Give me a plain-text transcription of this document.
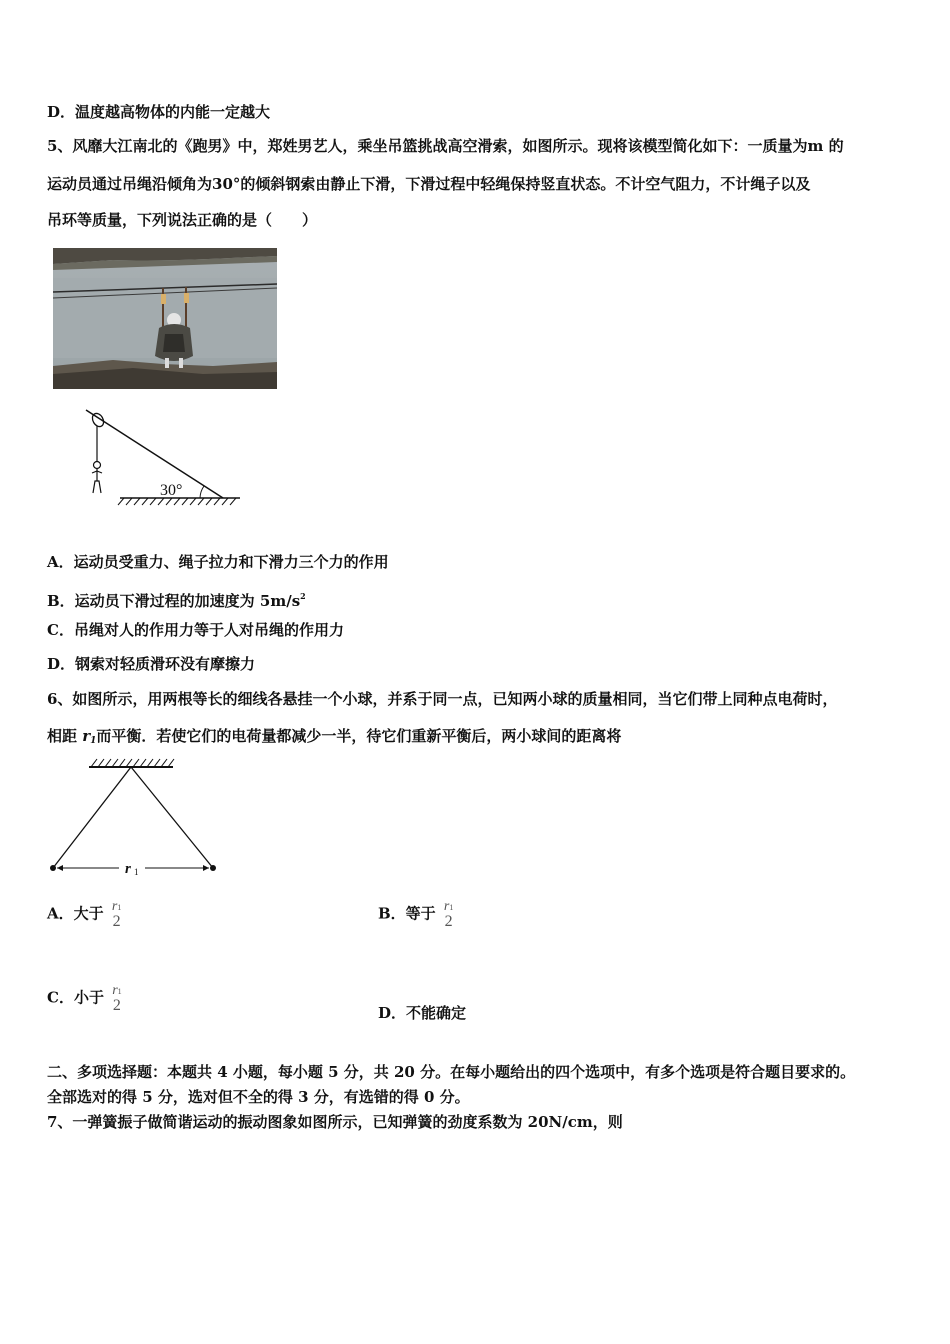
D．温度越高物体的内能一定越大
5、风靡大江南北的《跑男》中，郑姓男艺人，乘坐吊篮挑战高空滑索，如图所示。现将该模型简化如下：一质量为m 的
运动员通过吊绳沿倾角为30°的倾斜钢索由静止下滑，下滑过程中轻绳保持竖直状态。不计空气阻力，不计绳子以及
吊环等质量，下列说法正确的是（　　）
30°
A．运动员受重力、绳子拉力和下滑力三个力的作用
B．运动员下滑过程的加速度为 $5m/s^2$
C．吊绳对人的作用力等于人对吊绳的作用力
D．钢索对轻质滑环没有摩擦力
6、如图所示，用两根等长的细线各悬挂一个小球，并系于同一点，已知两小球的质量相同，当它们带上同种点电荷时，
相距 $r_1$而平衡．若使它们的电荷量都减少一半，待它们重新平衡后，两小球间的距离将
r 1
A．大于 r1
2	B．等于 r1
2
C．小于 r1
2	D．不能确定
二、多项选择题：本题共 4 小题，每小题 5 分，共 20 分。在每小题给出的四个选项中，有多个选项是符合题目要求的。
全部选对的得 5 分，选对但不全的得 3 分，有选错的得 0 分。
7、一弹簧振子做简谐运动的振动图象如图所示，已知弹簧的劲度系数为 20N/cm，则
